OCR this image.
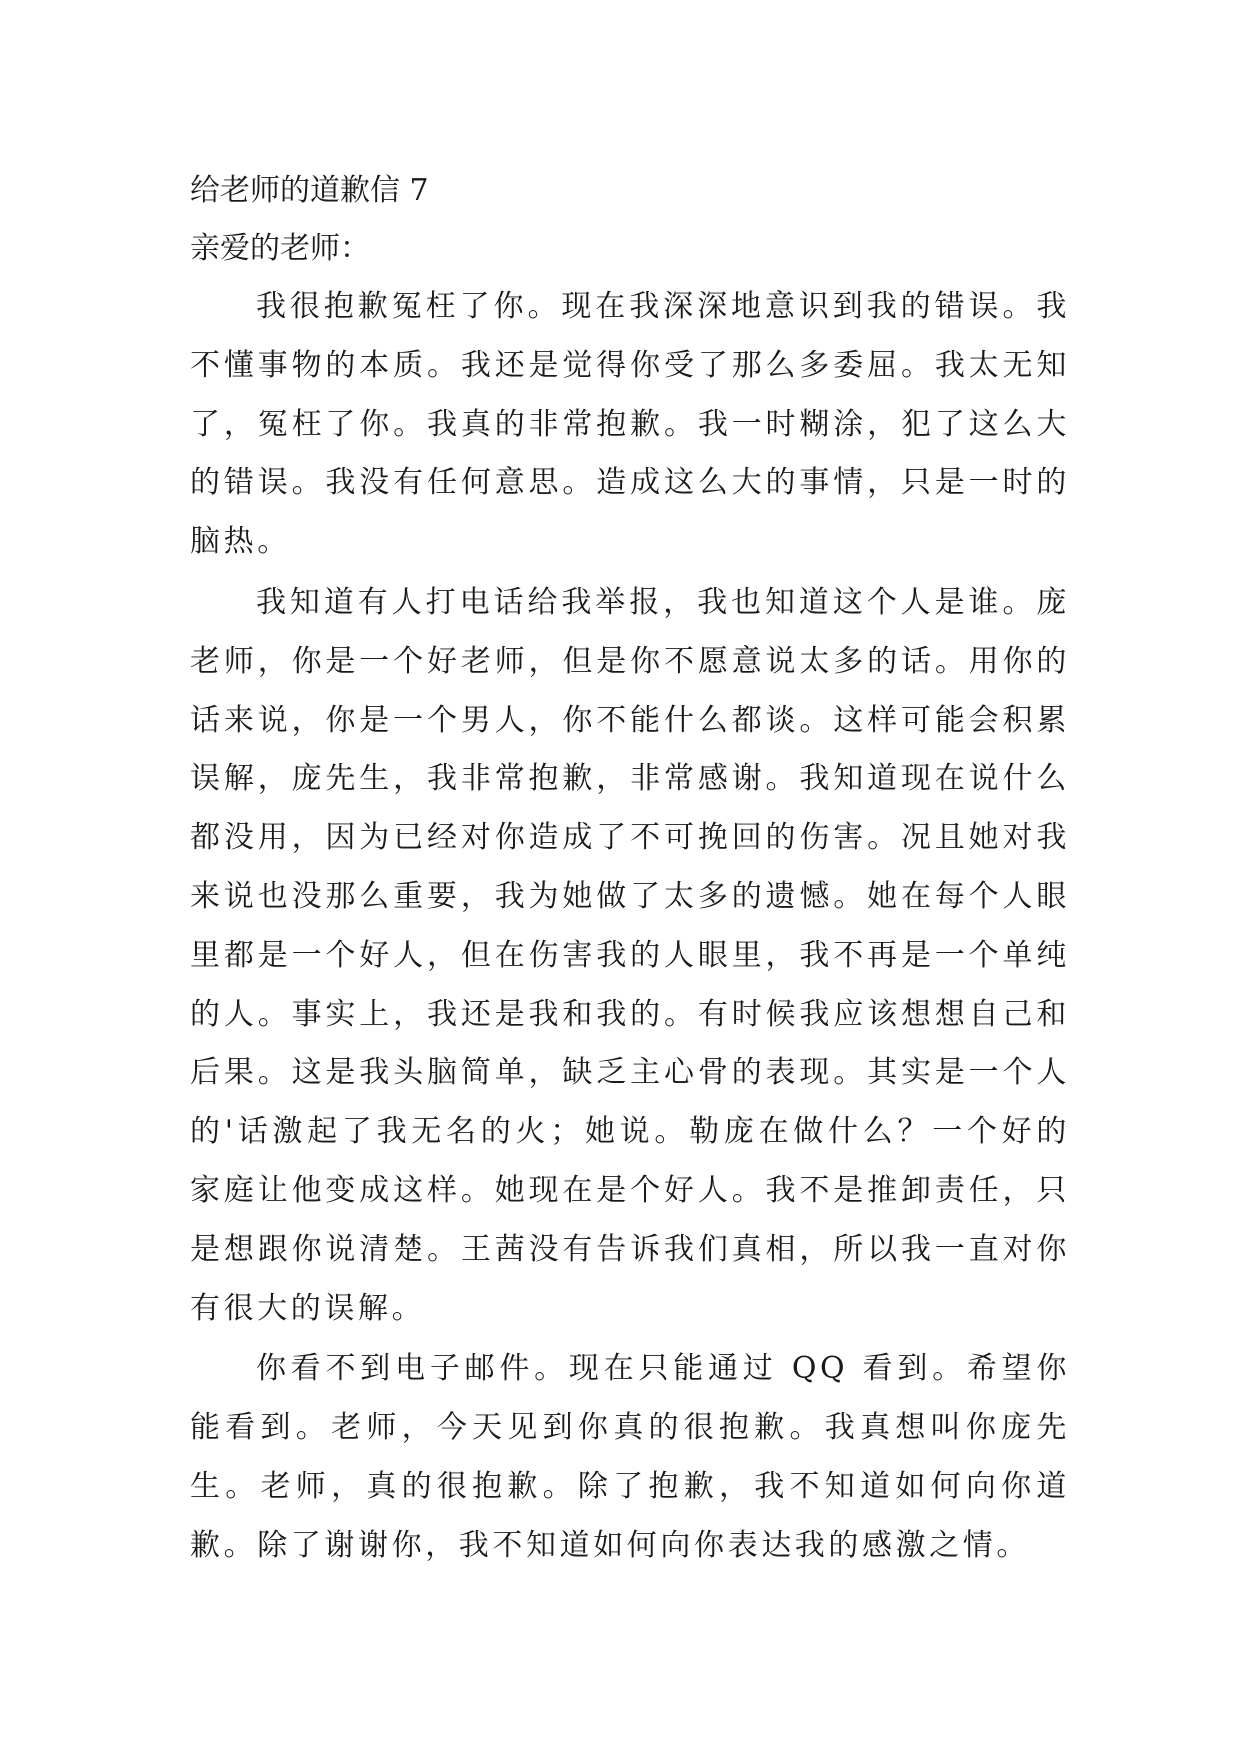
给老师的道歉信 7

亲爱的老师：

我很抱歉冤枉了你。现在我深深地意识到我的错误。我不懂事物的本质。我还是觉得你受了那么多委屈。我太无知了，冤枉了你。我真的非常抱歉。我一时糊涂，犯了这么大的错误。我没有任何意思。造成这么大的事情，只是一时的脑热。

我知道有人打电话给我举报，我也知道这个人是谁。庞老师，你是一个好老师，但是你不愿意说太多的话。用你的话来说，你是一个男人，你不能什么都谈。这样可能会积累误解，庞先生，我非常抱歉，非常感谢。我知道现在说什么都没用，因为已经对你造成了不可挽回的伤害。况且她对我来说也没那么重要，我为她做了太多的遗憾。她在每个人眼里都是一个好人，但在伤害我的人眼里，我不再是一个单纯的人。事实上，我还是我和我的。有时候我应该想想自己和后果。这是我头脑简单，缺乏主心骨的表现。其实是一个人的'话激起了我无名的火；她说。勒庞在做什么？一个好的家庭让他变成这样。她现在是个好人。我不是推卸责任，只是想跟你说清楚。王茜没有告诉我们真相，所以我一直对你有很大的误解。

你看不到电子邮件。现在只能通过 QQ 看到。希望你能看到。老师，今天见到你真的很抱歉。我真想叫你庞先生。老师，真的很抱歉。除了抱歉，我不知道如何向你道歉。除了谢谢你，我不知道如何向你表达我的感激之情。
